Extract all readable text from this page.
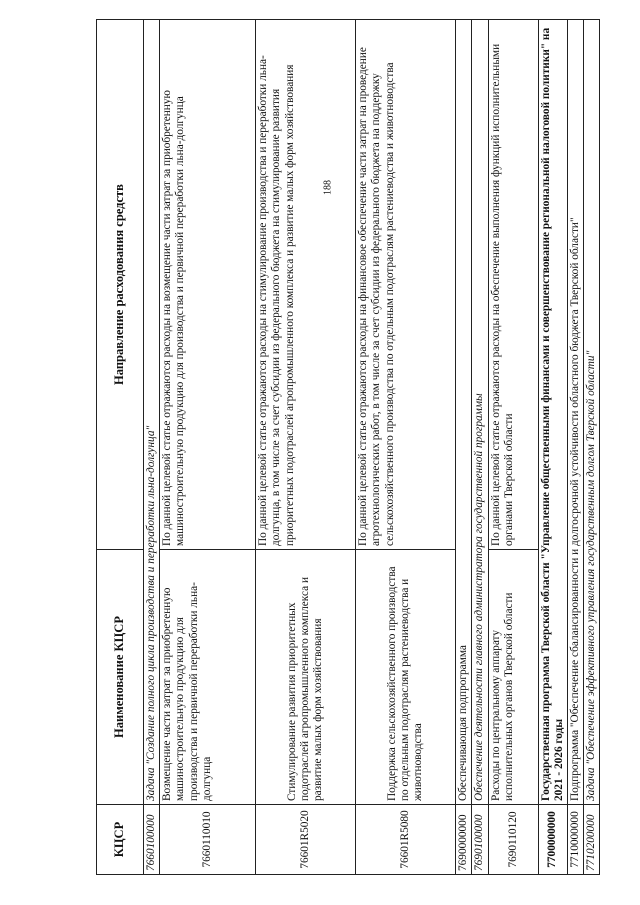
188
КЦСР	Наименование КЦСР	Направление расходования средств
7660100000	Задача "Создание полного цикла производства и переработки льна-долгунца"	
7660110010	Возмещение части затрат за приобретенную машиностроительную продукцию для производства и первичной переработки льна-долгунца	По данной целевой статье отражаются расходы на возмещение части затрат за приобретенную машиностроительную продукцию для производства и первичной переработки льна-долгунца
76601R5020	Стимулирование развития приоритетных подотраслей агропромышленного комплекса и развитие малых форм хозяйствования	По данной целевой статье отражаются расходы на стимулирование производства и переработки льна-долгунца, в том числе за счет субсидии из федерального бюджета на стимулирование развития приоритетных подотраслей агропромышленного комплекса и развитие малых форм хозяйствования
76601R5080	Поддержка сельскохозяйственного производства по отдельным подотраслям растениеводства и животноводства	По данной целевой статье отражаются расходы на финансовое обеспечение части затрат на проведение агротехнологических работ, в том числе за счет субсидии из федерального бюджета на поддержку сельскохозяйственного производства по отдельным подотраслям растениеводства и животноводства
7690000000	Обеспечивающая подпрограмма	
7690100000	Обеспечение деятельности главного администратора государственной программы	
7690110120	Расходы по центральному аппарату исполнительных органов Тверской области	По данной целевой статье отражаются расходы на обеспечение выполнения функций исполнительными органами Тверской области
7700000000	Государственная программа Тверской области "Управление общественными финансами и совершенствование региональной налоговой политики" на 2021 - 2026 годы	
7710000000	Подпрограмма "Обеспечение сбалансированности и долгосрочной устойчивости областного бюджета Тверской области"	
7710200000	Задача "Обеспечение эффективного управления государственным долгом Тверской области"	
